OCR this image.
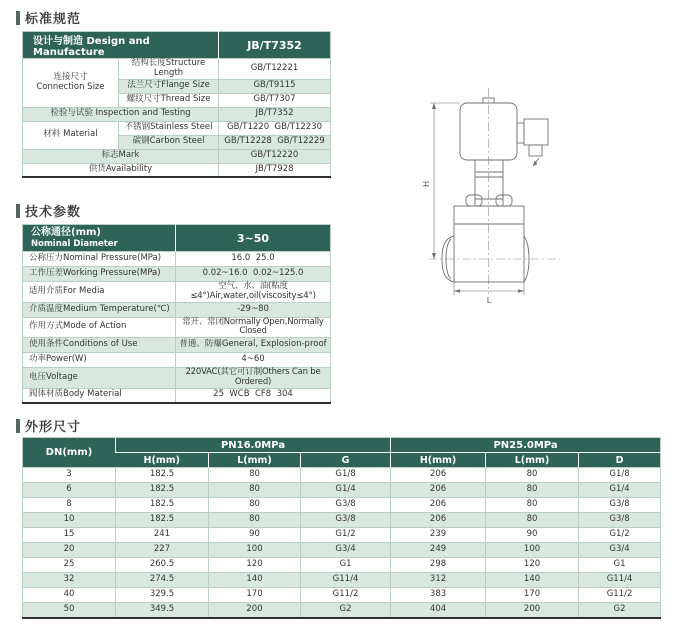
标准规范
设计与制造 Design and Manufacture		JB/T7352
连接尺寸
Connection Size	结构长度Structure Length	GB/T12221
	法兰尺寸Flange Size	GB/T9115
	螺纹尺寸Thread Size	GB/T7307
检验与试验 Inspection and Testing		JB/T7352
材料 Material	不锈钢Stainless Steel	GB/T1220  GB/T12230
	碳钢Carbon Steel	GB/T12228  GB/T12229
标志Mark		GB/T12220
供货Availability		JB/T7928
H
L
技术参数
公称通径(mm)
Nominal Diameter	3~50
公称压力Nominal Pressure(MPa)	16.0  25.0
工作压差Working Pressure(MPa)	0.02~16.0  0.02~125.0
适用介质For Media	空气、水、油(粘度≤4°)Air,water,oil(viscosity≤4°)
介质温度Medium Temperature(℃)	-29~80
作用方式Mode of Action	常开、常闭Normally Open,Normally Closed
使用条件Conditions of Use	普通、防爆General, Explosion-proof
功率Power(W)	4~60
电压Voltage	220VAC(其它可订制Others Can be Ordered)
阀体材质Body Material	25  WCB  CF8  304
外形尺寸
DN(mm)	PN16.0MPa			PN25.0MPa		
	H(mm)	L(mm)	G	H(mm)	L(mm)	D
3	182.5	80	G1/8	206	80	G1/8
6	182.5	80	G1/4	206	80	G1/4
8	182.5	80	G3/8	206	80	G3/8
10	182.5	80	G3/8	206	80	G3/8
15	241	90	G1/2	239	90	G1/2
20	227	100	G3/4	249	100	G3/4
25	260.5	120	G1	298	120	G1
32	274.5	140	G11/4	312	140	G11/4
40	329.5	170	G11/2	383	170	G11/2
50	349.5	200	G2	404	200	G2
